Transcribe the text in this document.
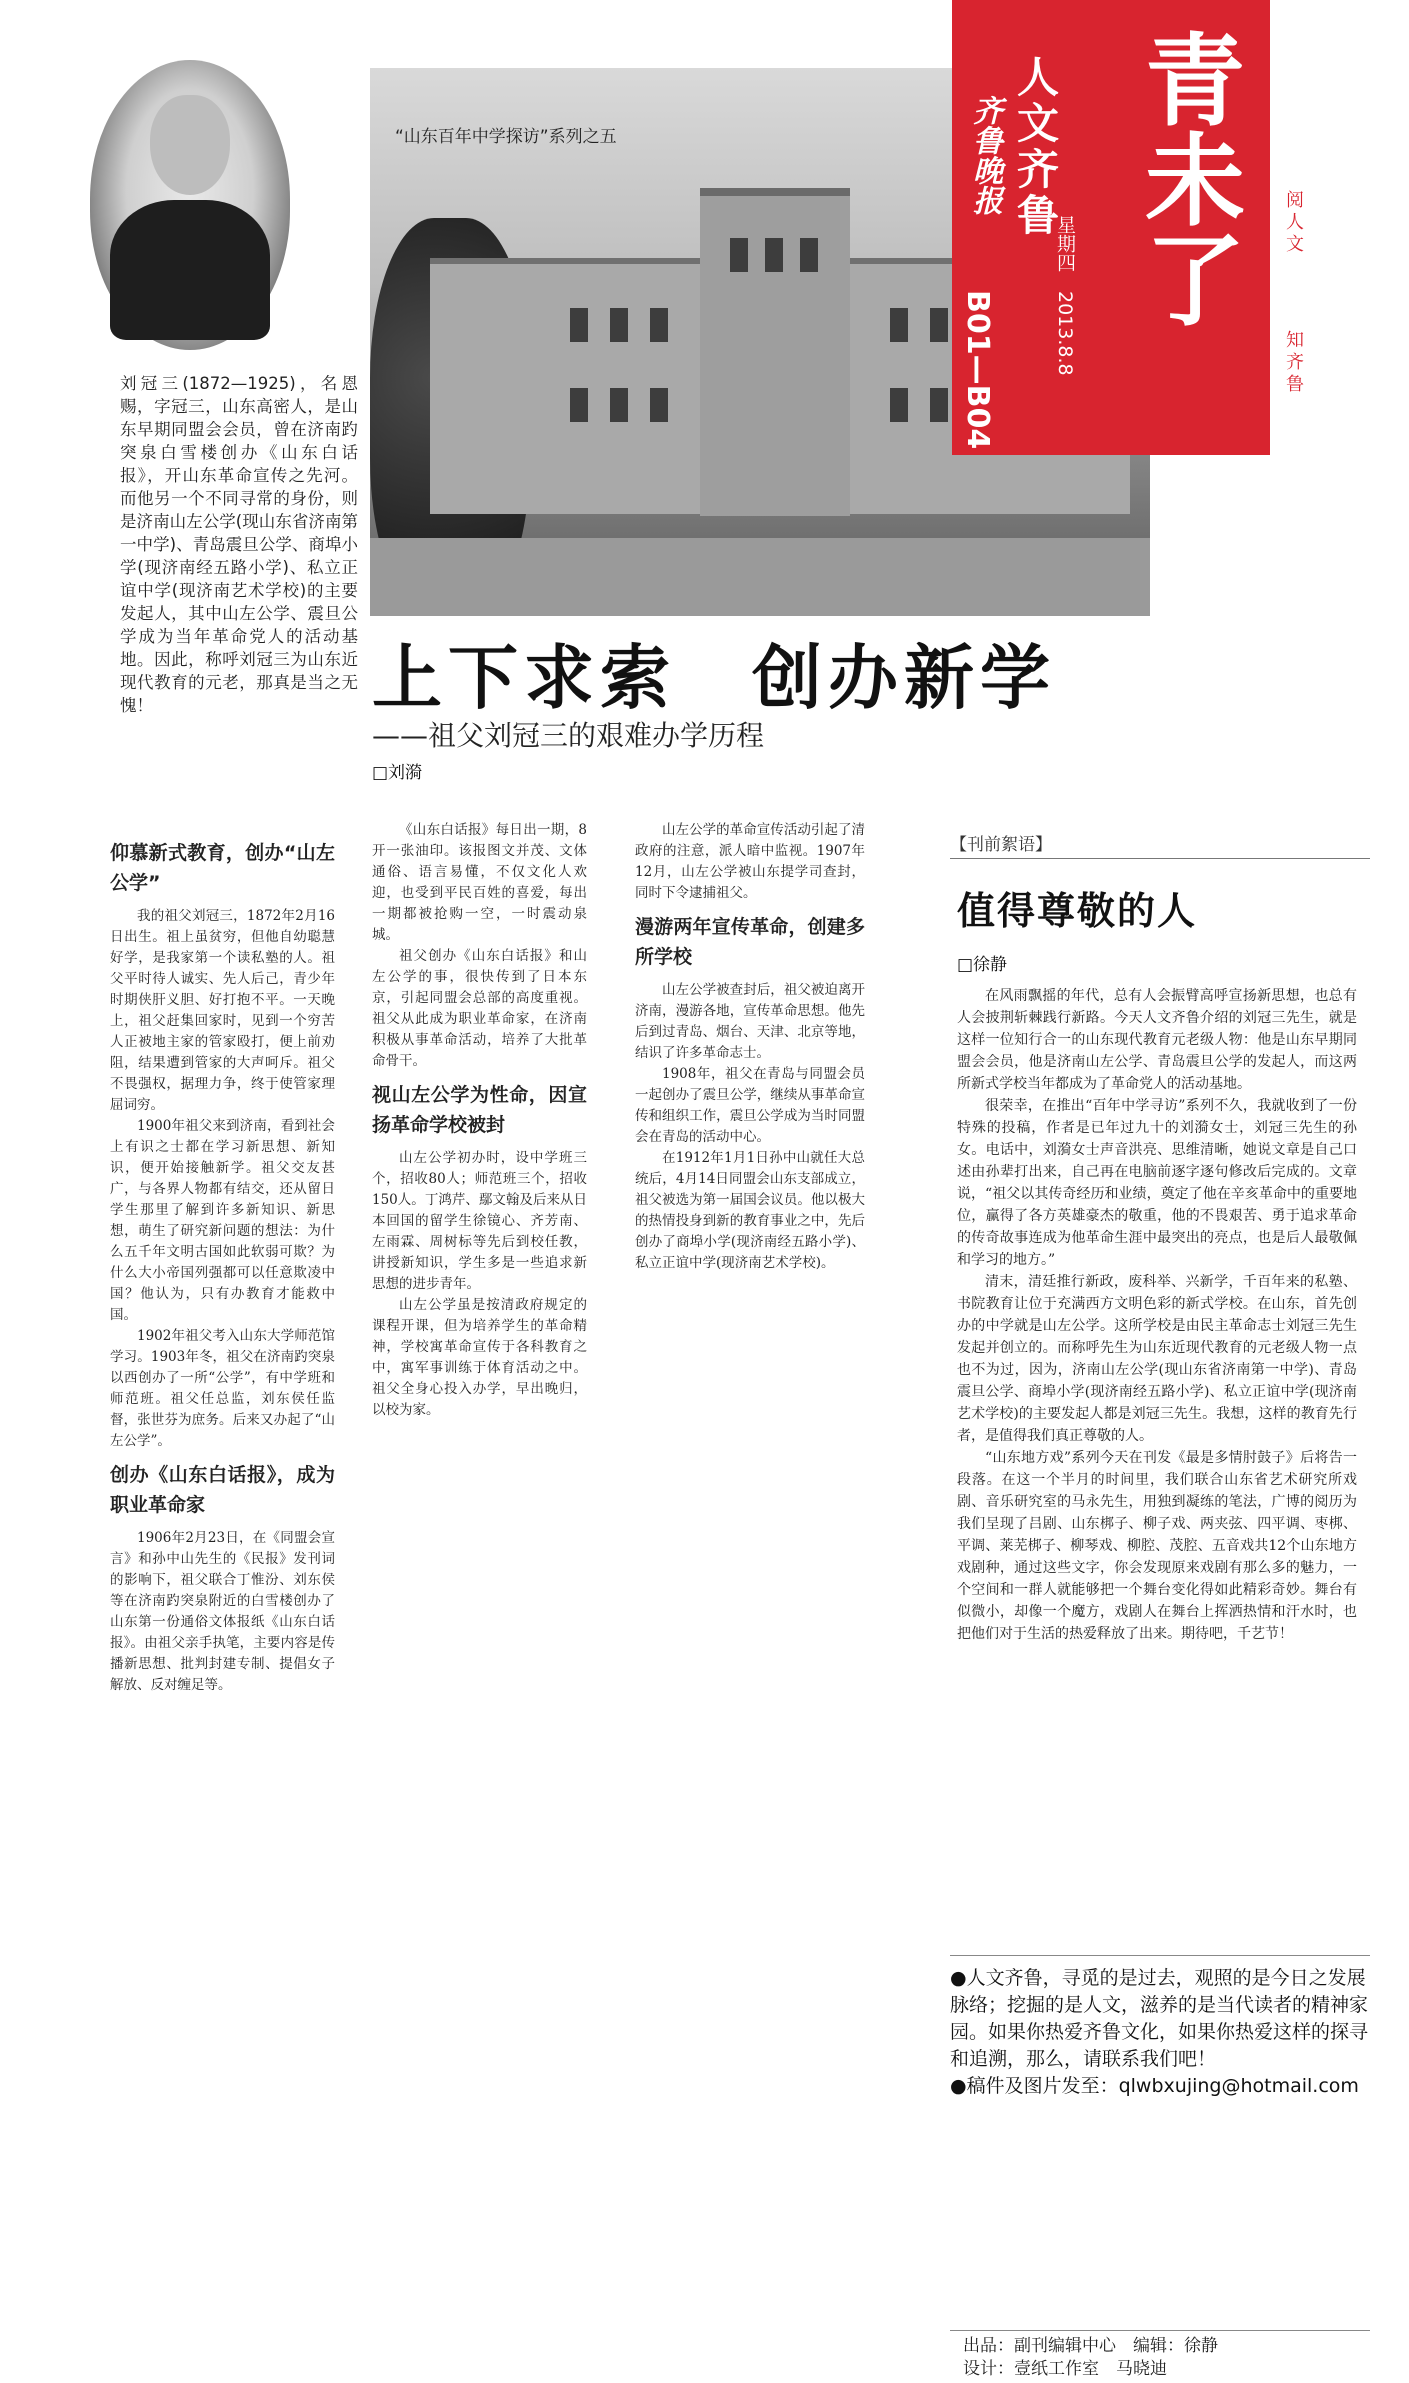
刘冠三(1872—1925)，名恩赐，字冠三，山东高密人，是山东早期同盟会会员，曾在济南趵突泉白雪楼创办《山东白话报》，开山东革命宣传之先河。而他另一个不同寻常的身份，则是济南山左公学(现山东省济南第一中学)、青岛震旦公学、商埠小学(现济南经五路小学)、私立正谊中学(现济南艺术学校)的主要发起人，其中山左公学、震旦公学成为当年革命党人的活动基地。因此，称呼刘冠三为山东近现代教育的元老，那真是当之无愧！
“山东百年中学探访”系列之五	青未了
人文齐鲁
齐鲁晚报
星期四 2013.8.8
B01—B04
阅人文
知齐鲁
上下求索　创办新学
——祖父刘冠三的艰难办学历程
□刘漪
仰慕新式教育，创办“山左公学”

我的祖父刘冠三，1872年2月16日出生。祖上虽贫穷，但他自幼聪慧好学，是我家第一个读私塾的人。祖父平时待人诚实、先人后己，青少年时期侠肝义胆、好打抱不平。一天晚上，祖父赶集回家时，见到一个穷苦人正被地主家的管家殴打，便上前劝阻，结果遭到管家的大声呵斥。祖父不畏强权，据理力争，终于使管家理屈词穷。

1900年祖父来到济南，看到社会上有识之士都在学习新思想、新知识，便开始接触新学。祖父交友甚广，与各界人物都有结交，还从留日学生那里了解到许多新知识、新思想，萌生了研究新问题的想法：为什么五千年文明古国如此软弱可欺？为什么大小帝国列强都可以任意欺凌中国？他认为，只有办教育才能救中国。

1902年祖父考入山东大学师范馆学习。1903年冬，祖父在济南趵突泉以西创办了一所“公学”，有中学班和师范班。祖父任总监，刘东侯任监督，张世芬为庶务。后来又办起了“山左公学”。

创办《山东白话报》，成为职业革命家

1906年2月23日，在《同盟会宣言》和孙中山先生的《民报》发刊词的影响下，祖父联合丁惟汾、刘东侯等在济南趵突泉附近的白雪楼创办了山东第一份通俗文体报纸《山东白话报》。由祖父亲手执笔，主要内容是传播新思想、批判封建专制、提倡女子解放、反对缠足等。

《山东白话报》每日出一期，8开一张油印。该报图文并茂、文体通俗、语言易懂，不仅文化人欢迎，也受到平民百姓的喜爱，每出一期都被抢购一空，一时震动泉城。

祖父创办《山东白话报》和山左公学的事，很快传到了日本东京，引起同盟会总部的高度重视。祖父从此成为职业革命家，在济南积极从事革命活动，培养了大批革命骨干。

视山左公学为性命，因宣扬革命学校被封

山左公学初办时，设中学班三个，招收80人；师范班三个，招收150人。丁鸿芹、鄢文翰及后来从日本回国的留学生徐镜心、齐芳南、左雨霖、周树标等先后到校任教，讲授新知识，学生多是一些追求新思想的进步青年。

山左公学虽是按清政府规定的课程开课，但为培养学生的革命精神，学校寓革命宣传于各科教育之中，寓军事训练于体育活动之中。祖父全身心投入办学，早出晚归，以校为家。

山左公学的革命宣传活动引起了清政府的注意，派人暗中监视。1907年12月，山左公学被山东提学司查封，同时下令逮捕祖父。

漫游两年宣传革命，创建多所学校

山左公学被查封后，祖父被迫离开济南，漫游各地，宣传革命思想。他先后到过青岛、烟台、天津、北京等地，结识了许多革命志士。

1908年，祖父在青岛与同盟会员一起创办了震旦公学，继续从事革命宣传和组织工作，震旦公学成为当时同盟会在青岛的活动中心。

在1912年1月1日孙中山就任大总统后，4月14日同盟会山东支部成立，祖父被选为第一届国会议员。他以极大的热情投身到新的教育事业之中，先后创办了商埠小学(现济南经五路小学)、私立正谊中学(现济南艺术学校)。

【刊前絮语】
值得尊敬的人
□徐静

在风雨飘摇的年代，总有人会振臂高呼宣扬新思想，也总有人会披荆斩棘践行新路。今天人文齐鲁介绍的刘冠三先生，就是这样一位知行合一的山东现代教育元老级人物：他是山东早期同盟会会员，他是济南山左公学、青岛震旦公学的发起人，而这两所新式学校当年都成为了革命党人的活动基地。

很荣幸，在推出“百年中学寻访”系列不久，我就收到了一份特殊的投稿，作者是已年过九十的刘漪女士，刘冠三先生的孙女。电话中，刘漪女士声音洪亮、思维清晰，她说文章是自己口述由孙辈打出来，自己再在电脑前逐字逐句修改后完成的。文章说，“祖父以其传奇经历和业绩，奠定了他在辛亥革命中的重要地位，赢得了各方英雄豪杰的敬重，他的不畏艰苦、勇于追求革命的传奇故事连成为他革命生涯中最突出的亮点，也是后人最敬佩和学习的地方。”

清末，清廷推行新政，废科举、兴新学，千百年来的私塾、书院教育让位于充满西方文明色彩的新式学校。在山东，首先创办的中学就是山左公学。这所学校是由民主革命志士刘冠三先生发起并创立的。而称呼先生为山东近现代教育的元老级人物一点也不为过，因为，济南山左公学(现山东省济南第一中学)、青岛震旦公学、商埠小学(现济南经五路小学)、私立正谊中学(现济南艺术学校)的主要发起人都是刘冠三先生。我想，这样的教育先行者，是值得我们真正尊敬的人。

“山东地方戏”系列今天在刊发《最是多情肘鼓子》后将告一段落。在这一个半月的时间里，我们联合山东省艺术研究所戏剧、音乐研究室的马永先生，用独到凝练的笔法，广博的阅历为我们呈现了吕剧、山东梆子、柳子戏、两夹弦、四平调、枣梆、平调、莱芜梆子、柳琴戏、柳腔、茂腔、五音戏共12个山东地方戏剧种，通过这些文字，你会发现原来戏剧有那么多的魅力，一个空间和一群人就能够把一个舞台变化得如此精彩奇妙。舞台有似微小，却像一个魔方，戏剧人在舞台上挥洒热情和汗水时，也把他们对于生活的热爱释放了出来。期待吧，千艺节！

●人文齐鲁，寻觅的是过去，观照的是今日之发展脉络；挖掘的是人文，滋养的是当代读者的精神家园。如果你热爱齐鲁文化，如果你热爱这样的探寻和追溯，那么，请联系我们吧！
●稿件及图片发至：qlwbxujing@hotmail.com
出品：副刊编辑中心　编辑：徐静
设计：壹纸工作室　马晓迪
